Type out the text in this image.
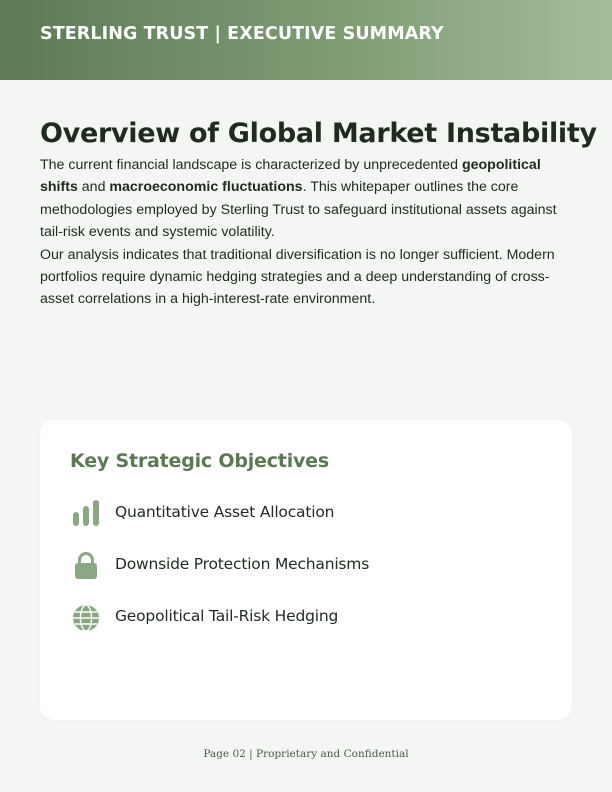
STERLING TRUST | EXECUTIVE SUMMARY
Overview of Global Market Instability

The current financial landscape is characterized by unprecedented geopolitical shifts and macroeconomic fluctuations. This whitepaper outlines the core methodologies employed by Sterling Trust to safeguard institutional assets against tail-risk events and systemic volatility.

Our analysis indicates that traditional diversification is no longer sufficient. Modern portfolios require dynamic hedging strategies and a deep understanding of cross-asset correlations in a high-interest-rate environment.

Key Strategic Objectives
Quantitative Asset Allocation
Downside Protection Mechanisms
Geopolitical Tail-Risk Hedging
Page 02 | Proprietary and Confidential
